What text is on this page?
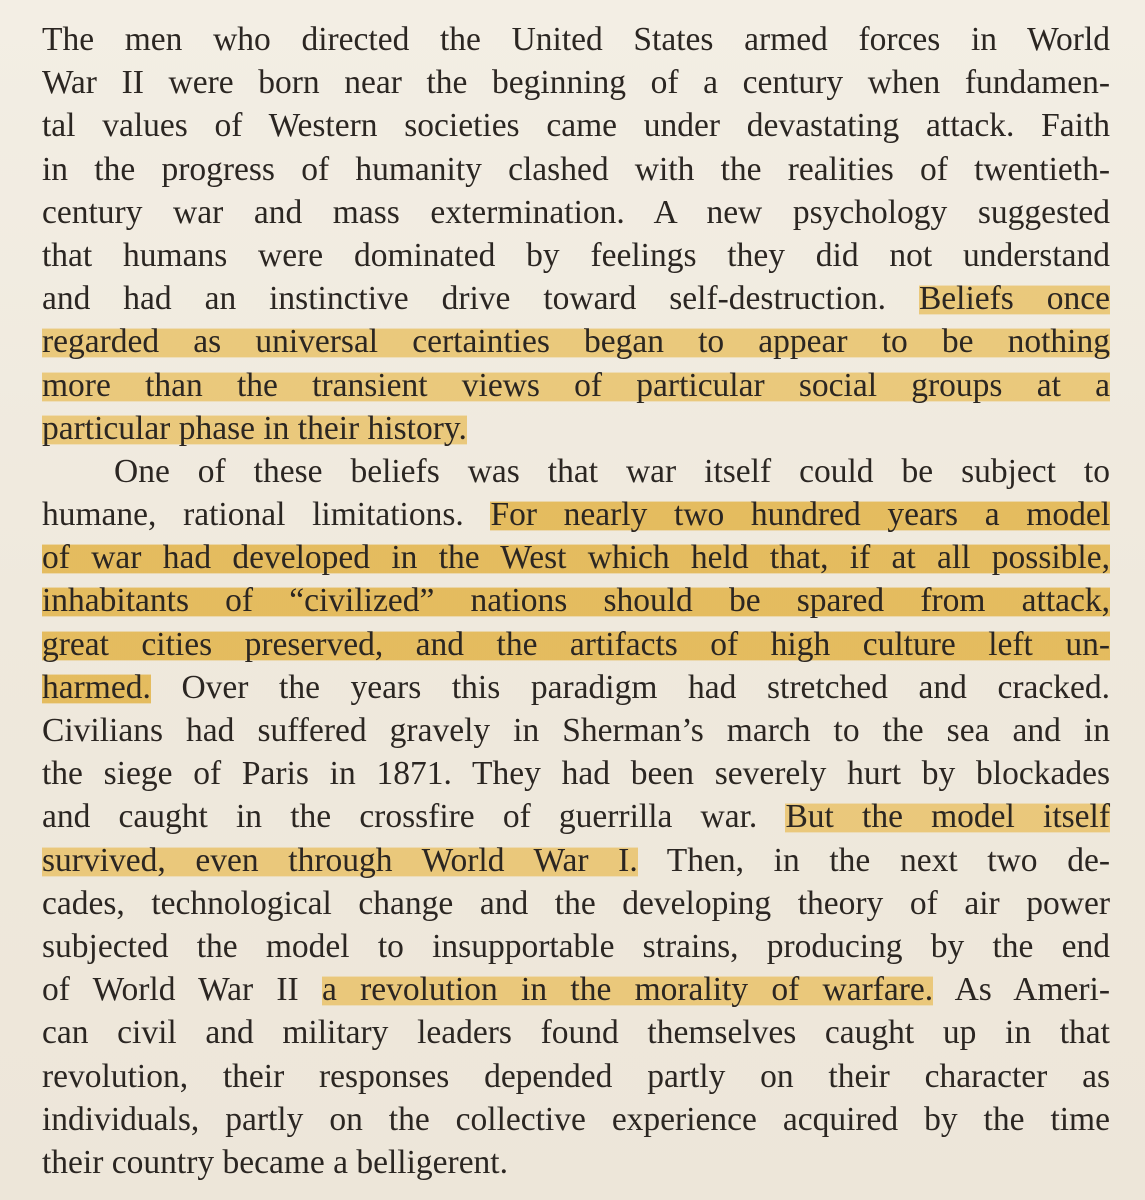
The men who directed the United States armed forces in World
War II were born near the beginning of a century when fundamen-
tal values of Western societies came under devastating attack. Faith
in the progress of humanity clashed with the realities of twentieth-
century war and mass extermination. A new psychology suggested
that humans were dominated by feelings they did not understand
and had an instinctive drive toward self-destruction. Beliefs once
regarded as universal certainties began to appear to be nothing
more than the transient views of particular social groups at a
particular phase in their history.
One of these beliefs was that war itself could be subject to
humane, rational limitations. For nearly two hundred years a model
of war had developed in the West which held that, if at all possible,
inhabitants of “civilized” nations should be spared from attack,
great cities preserved, and the artifacts of high culture left un-
harmed. Over the years this paradigm had stretched and cracked.
Civilians had suffered gravely in Sherman’s march to the sea and in
the siege of Paris in 1871. They had been severely hurt by blockades
and caught in the crossfire of guerrilla war. But the model itself
survived, even through World War I. Then, in the next two de-
cades, technological change and the developing theory of air power
subjected the model to insupportable strains, producing by the end
of World War II a revolution in the morality of warfare. As Ameri-
can civil and military leaders found themselves caught up in that
revolution, their responses depended partly on their character as
individuals, partly on the collective experience acquired by the time
their country became a belligerent.
